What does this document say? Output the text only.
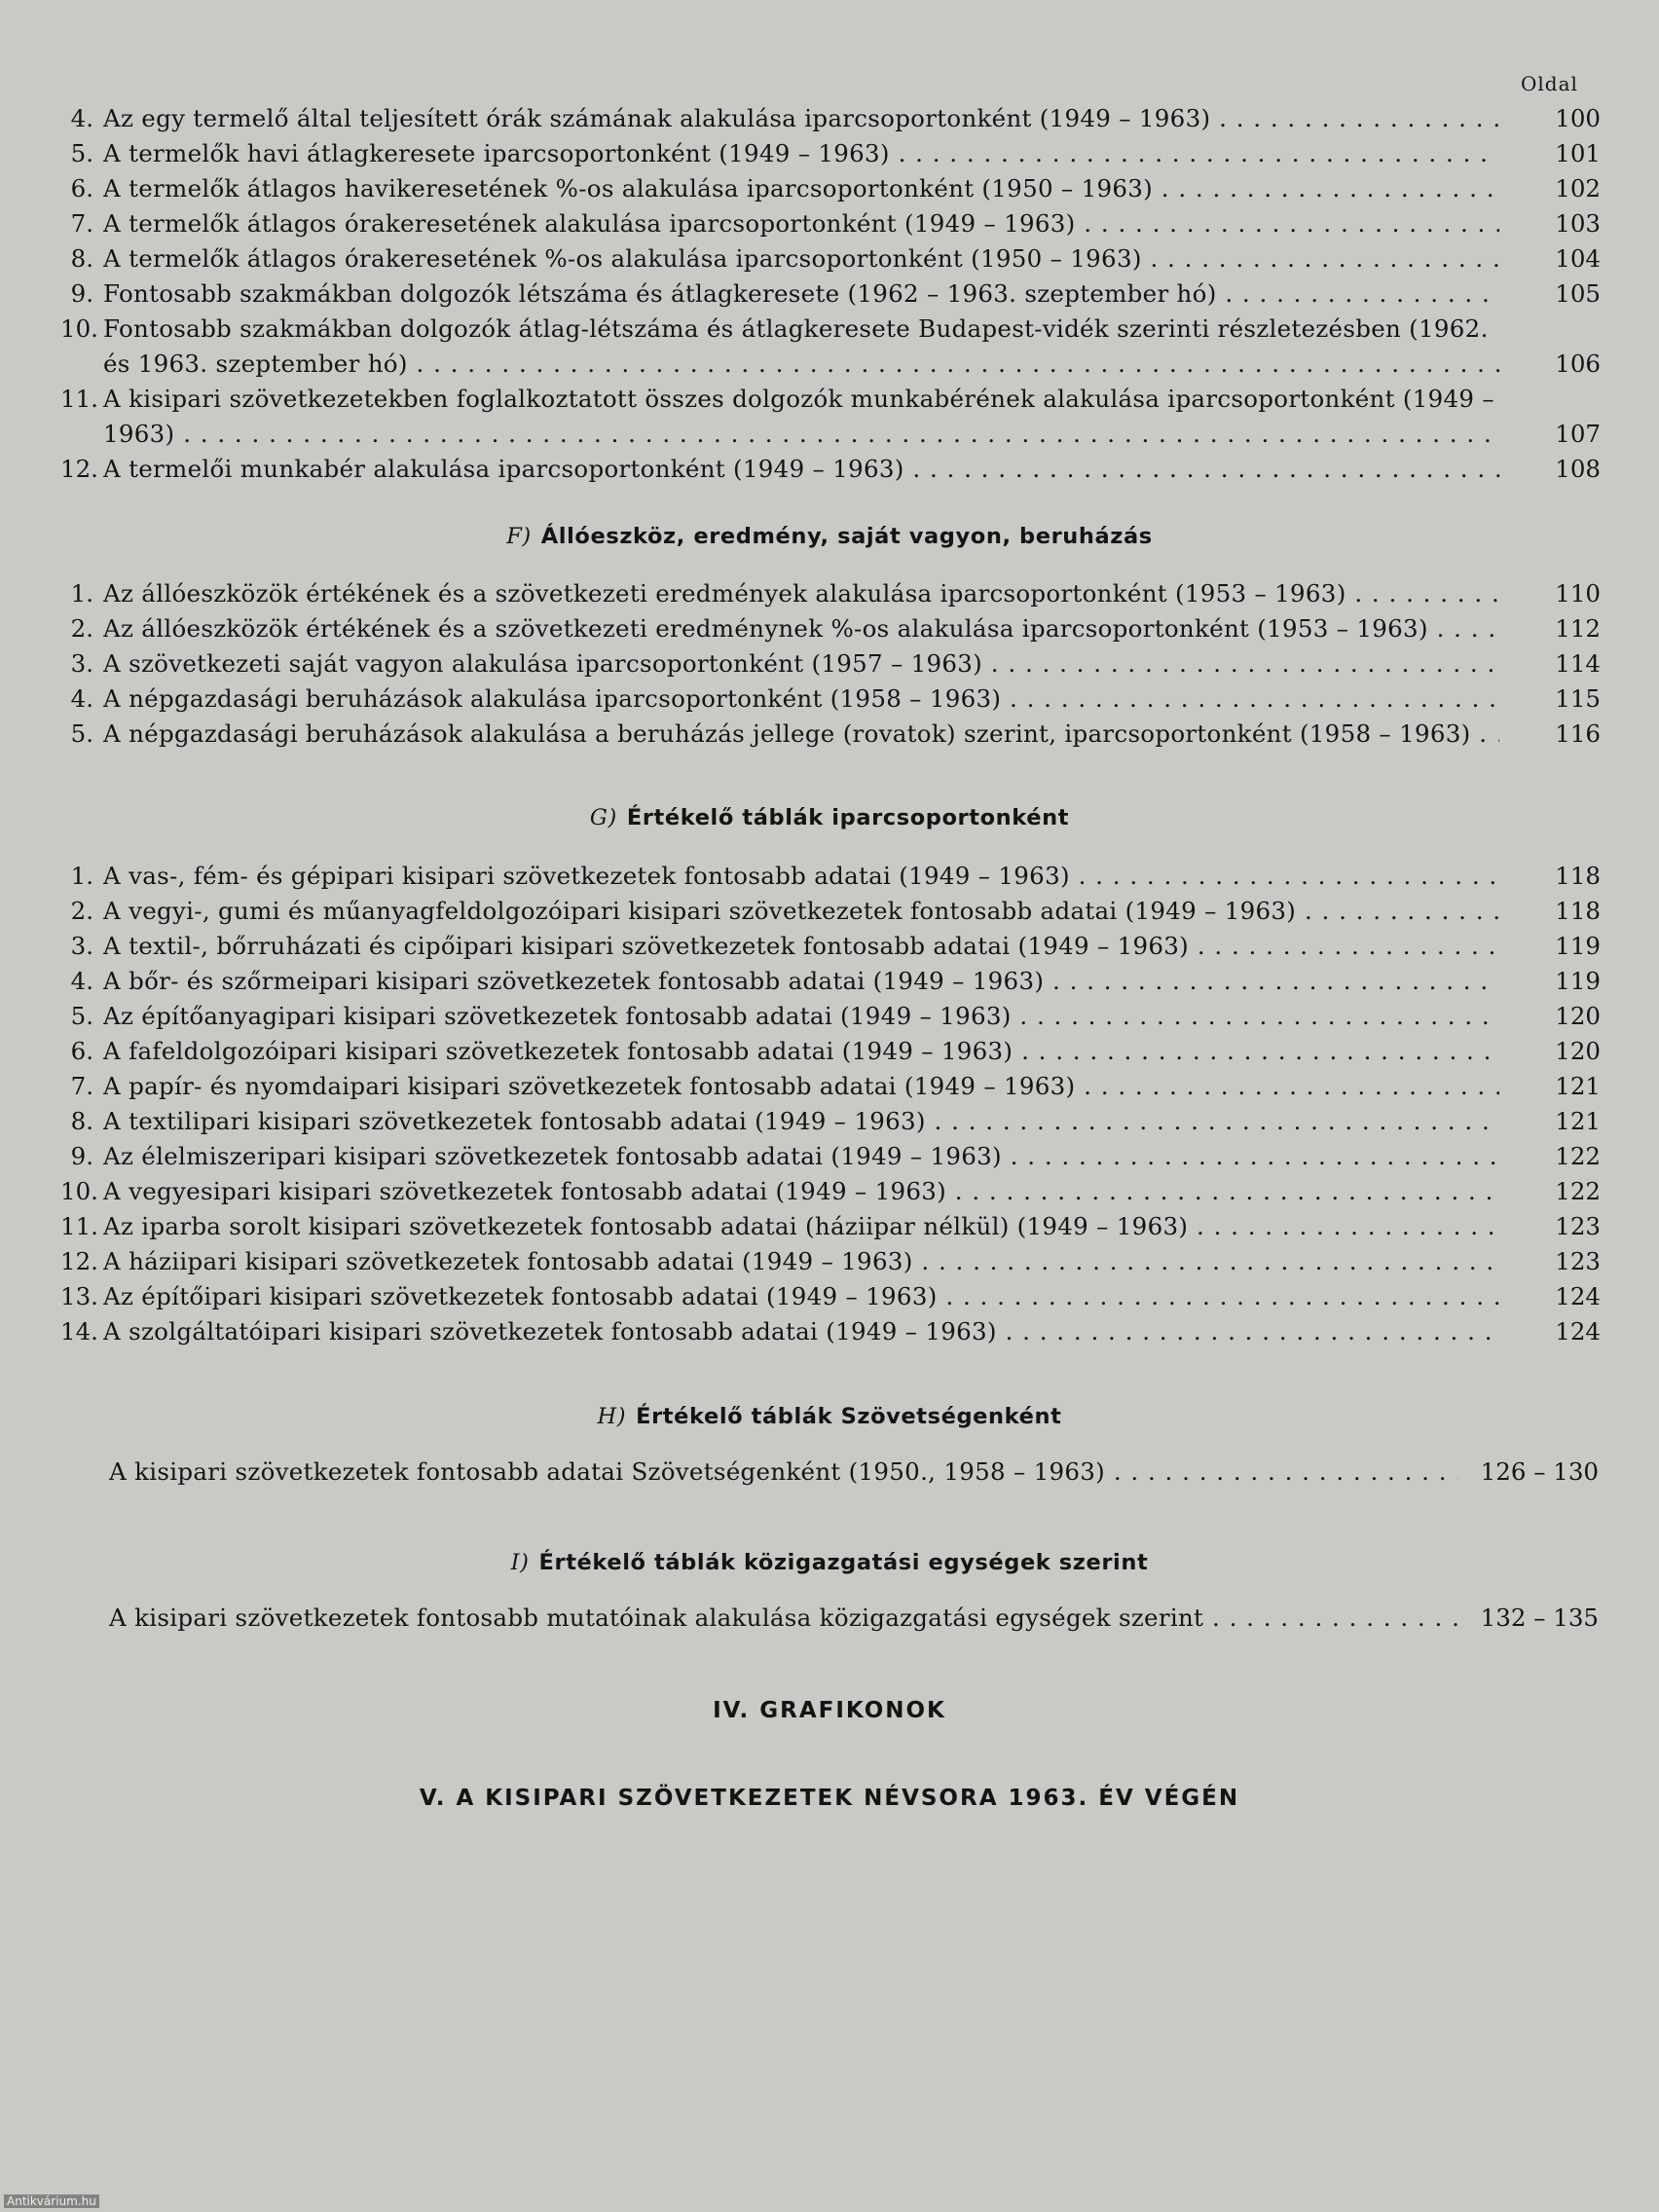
Oldal
4. Az egy termelő által teljesített órák számának alakulása iparcsoportonként (1949 – 1963) . . .	100
5. A termelők havi átlagkeresete iparcsoportonként (1949 – 1963) . . .	101
6. A termelők átlagos havikeresetének %-os alakulása iparcsoportonként (1950 – 1963) . . .	102
7. A termelők átlagos órakeresetének alakulása iparcsoportonként (1949 – 1963) . . .	103
8. A termelők átlagos órakeresetének %-os alakulása iparcsoportonként (1950 – 1963) . . .	104
9. Fontosabb szakmákban dolgozók létszáma és átlagkeresete (1962 – 1963. szeptember hó) . . .	105
10. Fontosabb szakmákban dolgozók átlag-létszáma és átlagkeresete Budapest-vidék szerinti részletezésben (1962.
és 1963. szeptember hó) . . .	106
11. A kisipari szövetkezetekben foglalkoztatott összes dolgozók munkabérének alakulása iparcsoportonként (1949 –
1963) . . .	107
12. A termelői munkabér alakulása iparcsoportonként (1949 – 1963) . . .	108
F) Állóeszköz, eredmény, saját vagyon, beruházás
1. Az állóeszközök értékének és a szövetkezeti eredmények alakulása iparcsoportonként (1953 – 1963) . . .	110
2. Az állóeszközök értékének és a szövetkezeti eredménynek %-os alakulása iparcsoportonként (1953 – 1963) . . .	112
3. A szövetkezeti saját vagyon alakulása iparcsoportonként (1957 – 1963) . . .	114
4. A népgazdasági beruházások alakulása iparcsoportonként (1958 – 1963) . . .	115
5. A népgazdasági beruházások alakulása a beruházás jellege (rovatok) szerint, iparcsoportonként (1958 – 1963) . . .	116
G) Értékelő táblák iparcsoportonként
1. A vas-, fém- és gépipari kisipari szövetkezetek fontosabb adatai (1949 – 1963) . . .	118
2. A vegyi-, gumi és műanyagfeldolgozóipari kisipari szövetkezetek fontosabb adatai (1949 – 1963) . . .	118
3. A textil-, bőrruházati és cipőipari kisipari szövetkezetek fontosabb adatai (1949 – 1963) . . .	119
4. A bőr- és szőrmeipari kisipari szövetkezetek fontosabb adatai (1949 – 1963) . . .	119
5. Az építőanyagipari kisipari szövetkezetek fontosabb adatai (1949 – 1963) . . .	120
6. A fafeldolgozóipari kisipari szövetkezetek fontosabb adatai (1949 – 1963) . . .	120
7. A papír- és nyomdaipari kisipari szövetkezetek fontosabb adatai (1949 – 1963) . . .	121
8. A textilipari kisipari szövetkezetek fontosabb adatai (1949 – 1963) . . .	121
9. Az élelmiszeripari kisipari szövetkezetek fontosabb adatai (1949 – 1963) . . .	122
10. A vegyesipari kisipari szövetkezetek fontosabb adatai (1949 – 1963) . . .	122
11. Az iparba sorolt kisipari szövetkezetek fontosabb adatai (háziipar nélkül) (1949 – 1963) . . .	123
12. A háziipari kisipari szövetkezetek fontosabb adatai (1949 – 1963) . . .	123
13. Az építőipari kisipari szövetkezetek fontosabb adatai (1949 – 1963) . . .	124
14. A szolgáltatóipari kisipari szövetkezetek fontosabb adatai (1949 – 1963) . . .	124
H) Értékelő táblák Szövetségenként
A kisipari szövetkezetek fontosabb adatai Szövetségenként (1950., 1958 – 1963) . . .	126 – 130
I) Értékelő táblák közigazgatási egységek szerint
A kisipari szövetkezetek fontosabb mutatóinak alakulása közigazgatási egységek szerint . . .	132 – 135
IV. GRAFIKONOK
V. A KISIPARI SZÖVETKEZETEK NÉVSORA 1963. ÉV VÉGÉN
Antikvárium.hu
